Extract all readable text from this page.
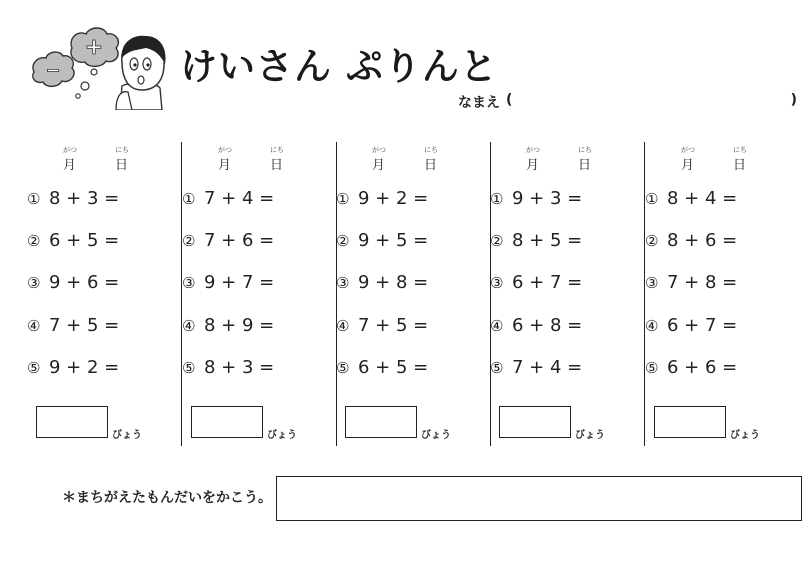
−
+ けいさん ぷりんと
なまえ (	)
がつ
月
にち
日
① 8 + 3 =
② 6 + 5 =
③ 9 + 6 =
④ 7 + 5 =
⑤ 9 + 2 =
びょう
がつ
月
にち
日
① 7 + 4 =
② 7 + 6 =
③ 9 + 7 =
④ 8 + 9 =
⑤ 8 + 3 =
びょう
がつ
月
にち
日
① 9 + 2 =
② 9 + 5 =
③ 9 + 8 =
④ 7 + 5 =
⑤ 6 + 5 =
びょう
がつ
月
にち
日
① 9 + 3 =
② 8 + 5 =
③ 6 + 7 =
④ 6 + 8 =
⑤ 7 + 4 =
びょう
がつ
月
にち
日
① 8 + 4 =
② 8 + 6 =
③ 7 + 8 =
④ 6 + 7 =
⑤ 6 + 6 =
びょう
＊まちがえたもんだいをかこう。
